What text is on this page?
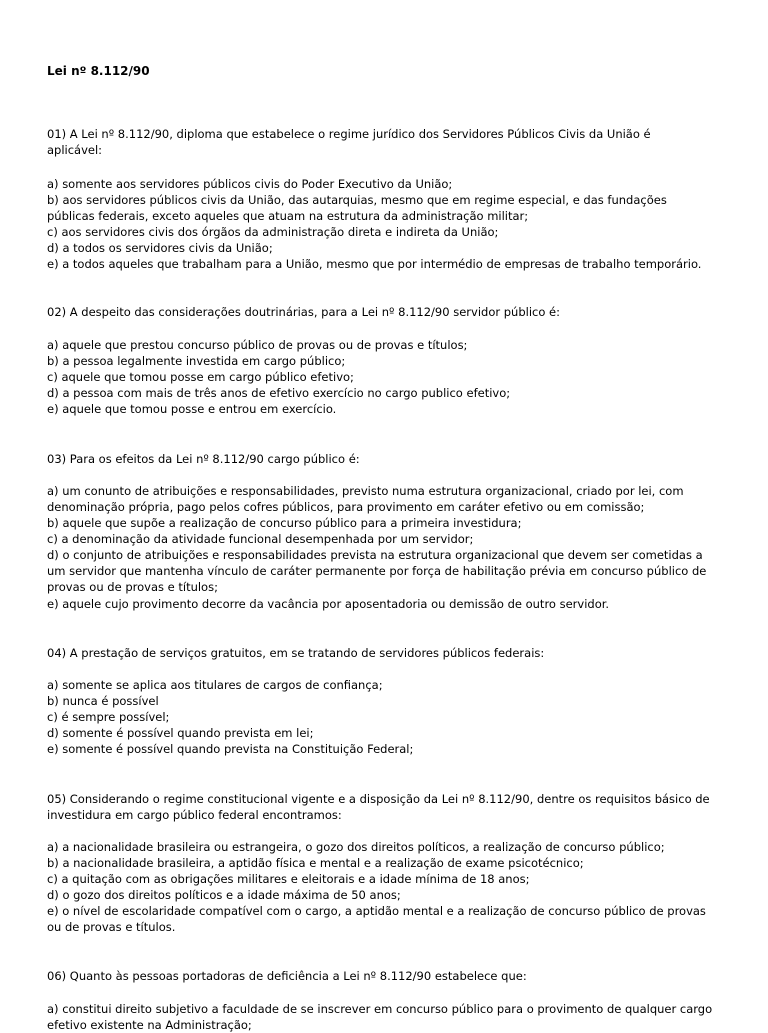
Lei nº 8.112/90
01) A Lei nº 8.112/90, diploma que estabelece o regime jurídico dos Servidores Públicos Civis da União é
aplicável:
a) somente aos servidores públicos civis do Poder Executivo da União;
b) aos servidores públicos civis da União, das autarquias, mesmo que em regime especial, e das fundações
públicas federais, exceto aqueles que atuam na estrutura da administração militar;
c) aos servidores civis dos órgãos da administração direta e indireta da União;
d) a todos os servidores civis da União;
e) a todos aqueles que trabalham para a União, mesmo que por intermédio de empresas de trabalho temporário.
02) A despeito das considerações doutrinárias, para a Lei nº 8.112/90 servidor público é:
a) aquele que prestou concurso público de provas ou de provas e títulos;
b) a pessoa legalmente investida em cargo público;
c) aquele que tomou posse em cargo público efetivo;
d) a pessoa com mais de três anos de efetivo exercício no cargo publico efetivo;
e) aquele que tomou posse e entrou em exercício.
03) Para os efeitos da Lei nº 8.112/90 cargo público é:
a) um conunto de atribuições e responsabilidades, previsto numa estrutura organizacional, criado por lei, com
denominação própria, pago pelos cofres públicos, para provimento em caráter efetivo ou em comissão;
b) aquele que supõe a realização de concurso público para a primeira investidura;
c) a denominação da atividade funcional desempenhada por um servidor;
d) o conjunto de atribuições e responsabilidades prevista na estrutura organizacional que devem ser cometidas a
um servidor que mantenha vínculo de caráter permanente por força de habilitação prévia em concurso público de
provas ou de provas e títulos;
e) aquele cujo provimento decorre da vacância por aposentadoria ou demissão de outro servidor.
04) A prestação de serviços gratuitos, em se tratando de servidores públicos federais:
a) somente se aplica aos titulares de cargos de confiança;
b) nunca é possível
c) é sempre possível;
d) somente é possível quando prevista em lei;
e) somente é possível quando prevista na Constituição Federal;
05) Considerando o regime constitucional vigente e a disposição da Lei nº 8.112/90, dentre os requisitos básico de
investidura em cargo público federal encontramos:
a) a nacionalidade brasileira ou estrangeira, o gozo dos direitos políticos, a realização de concurso público;
b) a nacionalidade brasileira, a aptidão física e mental e a realização de exame psicotécnico;
c) a quitação com as obrigações militares e eleitorais e a idade mínima de 18 anos;
d) o gozo dos direitos políticos e a idade máxima de 50 anos;
e) o nível de escolaridade compatível com o cargo, a aptidão mental e a realização de concurso público de provas
ou de provas e títulos.
06) Quanto às pessoas portadoras de deficiência a Lei nº 8.112/90 estabelece que:
a) constitui direito subjetivo a faculdade de se inscrever em concurso público para o provimento de qualquer cargo
efetivo existente na Administração;
